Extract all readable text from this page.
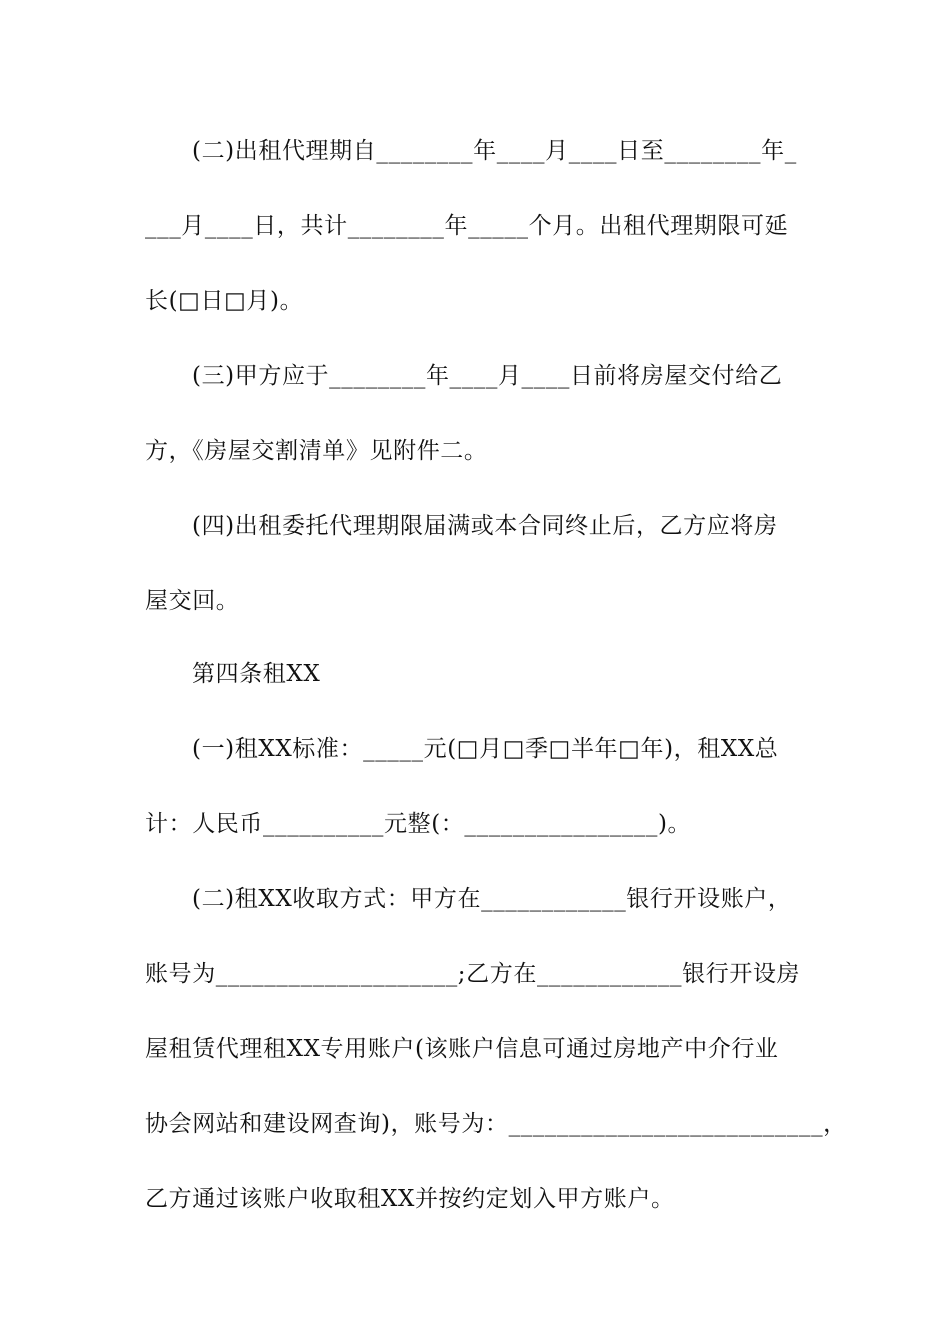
(二)出租代理期自________年____月____日至________年_
___月____日，共计________年_____个月。出租代理期限可延
长(□日□月)。
(三)甲方应于________年____月____日前将房屋交付给乙
方，《房屋交割清单》见附件二。
(四)出租委托代理期限届满或本合同终止后，乙方应将房
屋交回。
第四条租XX
(一)租XX标准：_____元(□月□季□半年□年)，租XX总
计：人民币__________元整(：________________)。
(二)租XX收取方式：甲方在____________银行开设账户，
账号为____________________;乙方在____________银行开设房
屋租赁代理租XX专用账户(该账户信息可通过房地产中介行业
协会网站和建设网查询)，账号为：__________________________，
乙方通过该账户收取租XX并按约定划入甲方账户。
